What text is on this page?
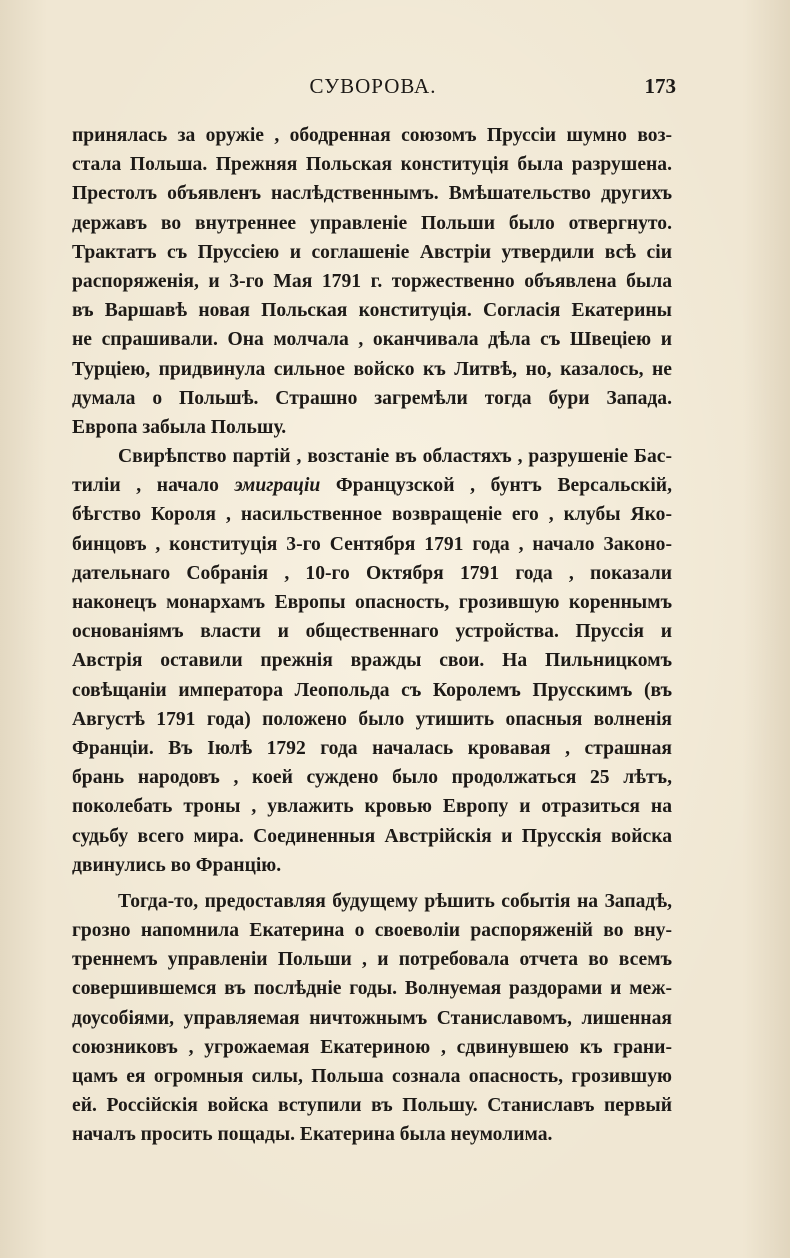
СУВОРОВА.	173
принялась за оружіе , ободренная союзомъ Пруссіи шумно воз-
стала Польша. Прежняя Польская конституція была разрушена.
Престолъ объявленъ наслѣдственнымъ. Вмѣшательство другихъ
державъ во внутреннее управленіе Польши было отвергнуто.
Трактатъ съ Пруссіею и соглашеніе Австріи утвердили всѣ сіи
распоряженія, и 3-го Мая 1791 г. торжественно объявлена была
въ Варшавѣ новая Польская конституція. Согласія Екатерины
не спрашивали. Она молчала , оканчивала дѣла съ Швеціею и
Турціею, придвинула сильное войско къ Литвѣ, но, казалось, не
думала о Польшѣ. Страшно загремѣли тогда бури Запада.
Европа забыла Польшу.
Свирѣпство партій , возстаніе въ областяхъ , разрушеніе Бас-
тиліи , начало эмиграціи Французской , бунтъ Версальскій,
бѣгство Короля , насильственное возвращеніе его , клубы Яко-
бинцовъ , конституція 3-го Сентября 1791 года , начало Законо-
дательнаго Собранія , 10-го Октября 1791 года , показали
наконецъ монархамъ Европы опасность, грозившую кореннымъ
основаніямъ власти и общественнаго устройства. Пруссія и
Австрія оставили прежнія вражды свои. На Пильницкомъ
совѣщаніи императора Леопольда съ Королемъ Прусскимъ (въ
Августѣ 1791 года) положено было утишить опасныя волненія
Франціи. Въ Іюлѣ 1792 года началась кровавая , страшная
брань народовъ , коей суждено было продолжаться 25 лѣтъ,
поколебать троны , увлажить кровью Европу и отразиться на
судьбу всего мира. Соединенныя Австрійскія и Прусскія войска
двинулись во Францію.
Тогда-то, предоставляя будущему рѣшить событія на Западѣ,
грозно напомнила Екатерина о своеволіи распоряженій во вну-
треннемъ управленіи Польши , и потребовала отчета во всемъ
совершившемся въ послѣдніе годы. Волнуемая раздорами и меж-
доусобіями, управляемая ничтожнымъ Станиславомъ, лишенная
союзниковъ , угрожаемая Екатериною , сдвинувшею къ грани-
цамъ ея огромныя силы, Польша сознала опасность, грозившую
ей. Россійскія войска вступили въ Польшу. Станиславъ первый
началъ просить пощады. Екатерина была неумолима.
